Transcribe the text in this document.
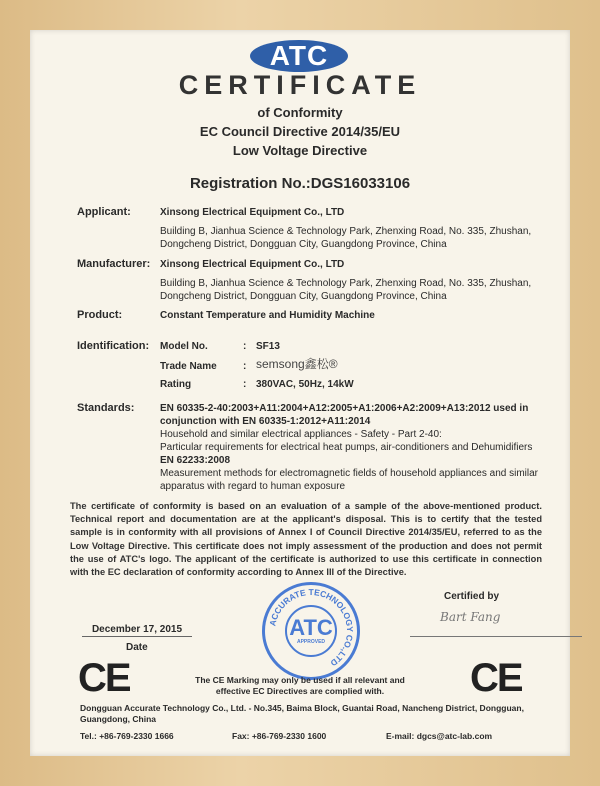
ATC
CERTIFICATE
of Conformity
EC Council Directive 2014/35/EU
Low Voltage Directive
Registration No.:DGS16033106
Applicant:	Xinsong Electrical Equipment Co., LTD
Building B, Jianhua Science & Technology Park, Zhenxing Road, No. 335, Zhushan,
Dongcheng District, Dongguan City, Guangdong Province, China
Manufacturer: Xinsong Electrical Equipment Co., LTD
Building B, Jianhua Science & Technology Park, Zhenxing Road, No. 335, Zhushan,
Dongcheng District, Dongguan City, Guangdong Province, China
Product:	Constant Temperature and Humidity Machine
Identification: Model No.	: SF13
Trade Name	: semsong鑫松®
Rating	: 380VAC, 50Hz, 14kW
Standards:	EN 60335-2-40:2003+A11:2004+A12:2005+A1:2006+A2:2009+A13:2012 used in
conjunction with EN 60335-1:2012+A11:2014
Household and similar electrical appliances - Safety - Part 2-40:
Particular requirements for electrical heat pumps, air-conditioners and Dehumidifiers
EN 62233:2008
Measurement methods for electromagnetic fields of household appliances and similar
apparatus with regard to human exposure
The certificate of conformity is based on an evaluation of a sample of the above-mentioned product. Technical report and documentation are at the applicant's disposal. This is to certify that the tested sample is in conformity with all provisions of Annex I of Council Directive 2014/35/EU, referred to as the Low Voltage Directive. This certificate does not imply assessment of the production and does not permit the use of ATC's logo. The applicant of the certificate is authorized to use this certificate in connection with the EC declaration of conformity according to Annex III of the Directive.
December 17, 2015
Date
Certified by
Bart Fang
ACCURATE TECHNOLOGY CO.,LTD
ATC
APPROVED
CE	CE
The CE Marking may only be used if all relevant and
effective EC Directives are complied with.
Dongguan Accurate Technology Co., Ltd. - No.345, Baima Block, Guantai Road, Nancheng District, Dongguan,
Guangdong, China
Tel.: +86-769-2330 1666	Fax: +86-769-2330 1600	E-mail: dgcs@atc-lab.com
